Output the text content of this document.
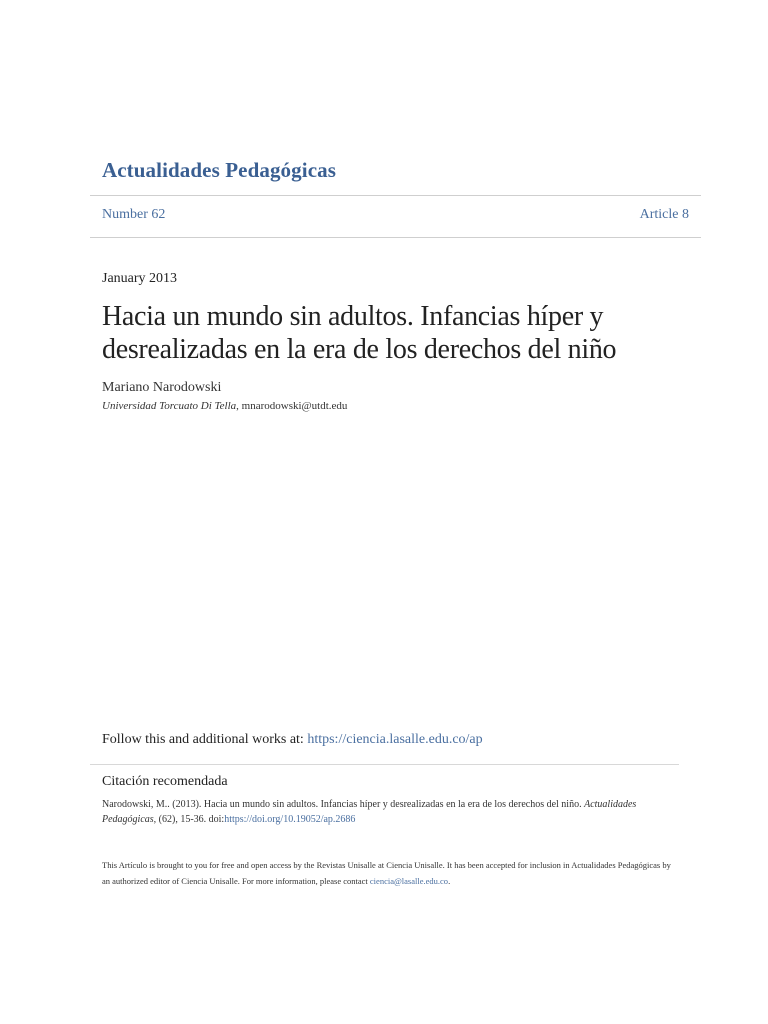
Actualidades Pedagógicas
Number 62	Article 8
January 2013
Hacia un mundo sin adultos. Infancias híper y
desrealizadas en la era de los derechos del niño
Mariano Narodowski
Universidad Torcuato Di Tella, mnarodowski@utdt.edu
Follow this and additional works at: https://ciencia.lasalle.edu.co/ap
Citación recomendada
Narodowski, M.. (2013). Hacia un mundo sin adultos. Infancias híper y desrealizadas en la era de los derechos del niño. Actualidades Pedagógicas, (62), 15-36. doi:https://doi.org/10.19052/ap.2686
This Artículo is brought to you for free and open access by the Revistas Unisalle at Ciencia Unisalle. It has been accepted for inclusion in Actualidades Pedagógicas by an authorized editor of Ciencia Unisalle. For more information, please contact ciencia@lasalle.edu.co.
